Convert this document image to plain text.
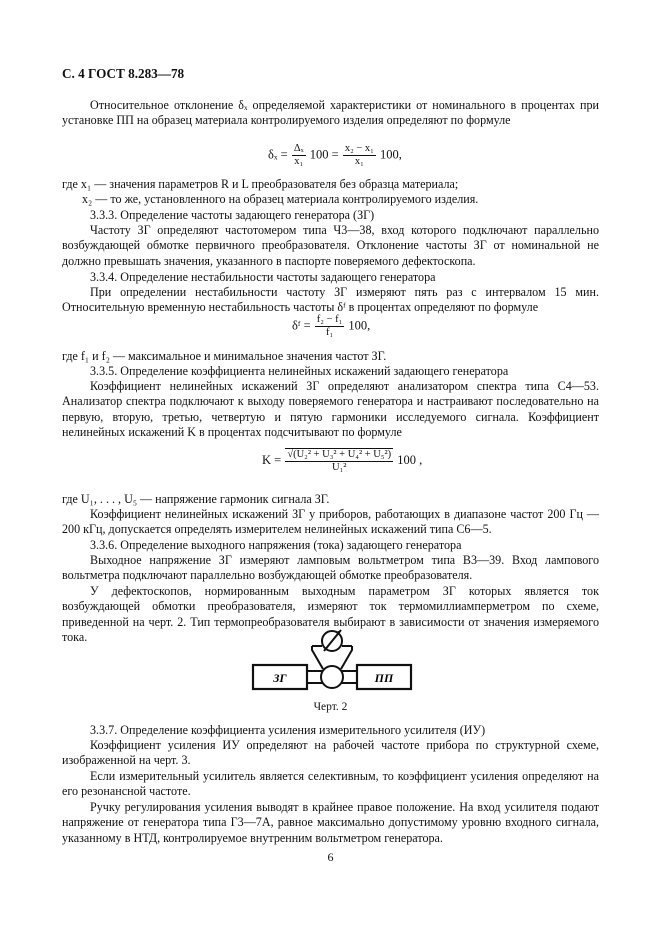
С. 4 ГОСТ 8.283—78

Относительное отклонение δₓ определяемой характеристики от номинального в процентах при установке ПП на образец материала контролируемого изделия определяют по формуле

$\delta_x = \frac{\text{Δₓ}}{\text{x₁}} 100 = \frac{\text{x₂ − x₁}}{\text{x₁}} 100$,
где x₁ — значения параметров R и L преобразователя без образца материала;
x₂ — то же, установленного на образец материала контролируемого изделия.
3.3.3. Определение частоты задающего генератора (ЗГ)

Частоту ЗГ определяют частотомером типа Ч3—38, вход которого подключают параллельно возбуждающей обмотке первичного преобразователя. Отклонение частоты ЗГ от номинальной не должно превышать значения, указанного в паспорте поверяемого дефектоскопа.

3.3.4. Определение нестабильности частоты задающего генератора

При определении нестабильности частоту ЗГ измеряют пять раз с интервалом 15 мин. Относительную временную нестабильность частоты δᶠ в процентах определяют по формуле

δᶠ = $\frac{\text{f₂ − f₁}}{\text{f₁}} 100$,
где f₁ и f₂ — максимальное и минимальное значения частот ЗГ.
3.3.5. Определение коэффициента нелинейных искажений задающего генератора

Коэффициент нелинейных искажений ЗГ определяют анализатором спектра типа С4—53. Анализатор спектра подключают к выходу поверяемого генератора и настраивают последовательно на первую, вторую, третью, четвертую и пятую гармоники исследуемого сигнала. Коэффициент нелинейных искажений K в процентах подсчитывают по формуле

$K = \frac{\text{√(U₂² + U₃² + U₄² + U₅²)}}{\text{U₁²}} 100$ ,
где U₁, . . . , U₅ — напряжение гармоник сигнала ЗГ.

Коэффициент нелинейных искажений ЗГ у приборов, работающих в диапазоне частот 200 Гц — 200 кГц, допускается определять измерителем нелинейных искажений типа С6—5.

3.3.6. Определение выходного напряжения (тока) задающего генератора

Выходное напряжение ЗГ измеряют ламповым вольтметром типа В3—39. Вход лампового вольтметра подключают параллельно возбуждающей обмотке преобразователя.

У дефектоскопов, нормированным выходным параметром ЗГ которых является ток возбуждающей обмотки преобразователя, измеряют ток термомиллиамперметром по схеме, приведенной на черт. 2. Тип термопреобразователя выбирают в зависимости от значения измеряемого тока.

ЗГ	ПП
Черт. 2
3.3.7. Определение коэффициента усиления измерительного усилителя (ИУ)

Коэффициент усиления ИУ определяют на рабочей частоте прибора по структурной схеме, изображенной на черт. 3.

Если измерительный усилитель является селективным, то коэффициент усиления определяют на его резонансной частоте.

Ручку регулирования усиления выводят в крайнее правое положение. На вход усилителя подают напряжение от генератора типа Г3—7А, равное максимально допустимому уровню входного сигнала, указанному в НТД, контролируемое внутренним вольтметром генератора.

6
